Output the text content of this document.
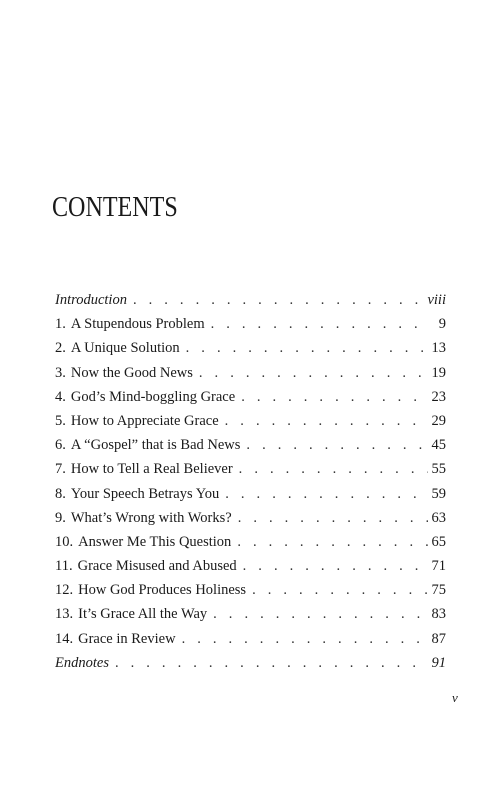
CONTENTS
Introduction . . .	viii
1. A Stupendous Problem . . .	9
2. A Unique Solution . . .	13
3. Now the Good News . . .	19
4. God’s Mind-boggling Grace . . .	23
5. How to Appreciate Grace . . .	29
6. A “Gospel” that is Bad News . . .	45
7. How to Tell a Real Believer . . .	55
8. Your Speech Betrays You . . .	59
9. What’s Wrong with Works? . . .	63
10. Answer Me This Question . . .	65
11. Grace Misused and Abused . . .	71
12. How God Produces Holiness . . .	75
13. It’s Grace All the Way . . .	83
14. Grace in Review . . .	87
Endnotes . . .	91
v
